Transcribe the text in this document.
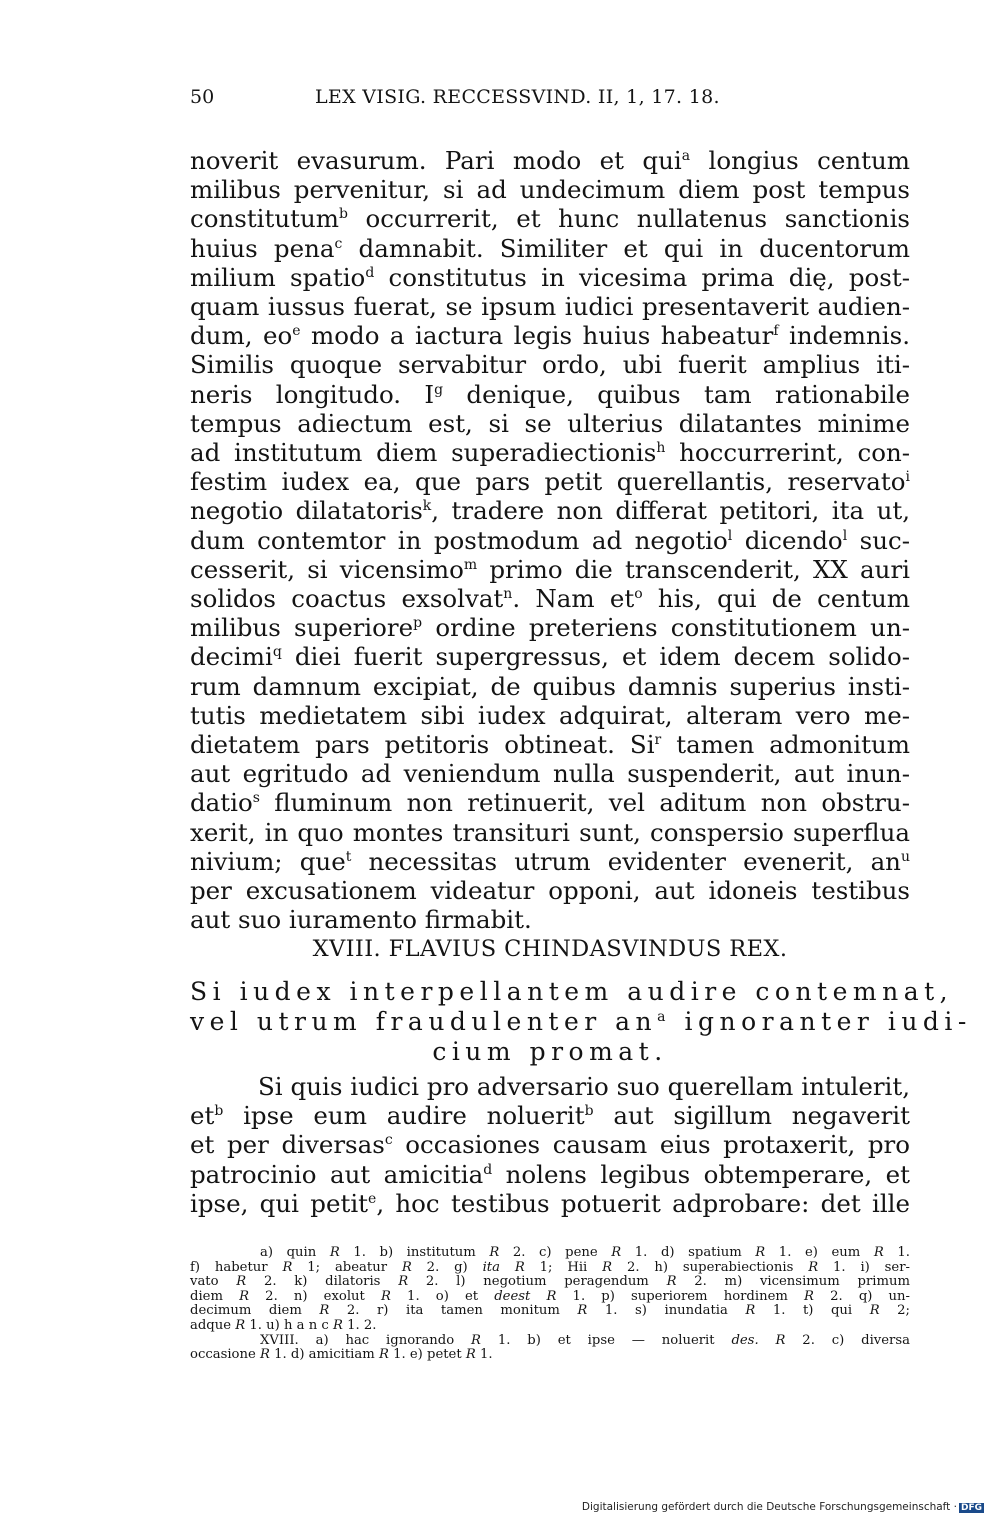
50	LEX VISIG. RECCESSVIND. II, 1, 17. 18.
noverit evasurum. Pari modo et qui$^a$ longius centum
milibus pervenitur, si ad undecimum diem post tempus
constitutum$^b$ occurrerit, et hunc nullatenus sanctionis
huius pena$^c$ damnabit. Similiter et qui in ducentorum
milium spatio$^d$ constitutus in vicesima prima dię, post-
quam iussus fuerat, se ipsum iudici presentaverit audien-
dum, $eo^e$ modo a iactura legis huius habeatur$^f$ indemnis.
Similis quoque servabitur ordo, ubi fuerit amplius iti-
neris longitudo. $I^g$ denique, quibus tam rationabile
tempus adiectum est, si se ulterius dilatantes minime
ad institutum diem superadiectionis$^h$ hoccurrerint, con-
festim iudex ea, que pars petit querellantis, reservato$^i$
negotio dilatatoris$^k$, tradere non differat petitori, ita ut,
dum contemtor in postmodum ad negotio$^l$ dicendo$^l$ suc-
cesserit, si vicensimo$^m$ primo die transcenderit, XX auri
solidos coactus exsolvat$^n$. Nam $et^o$ his, qui de centum
milibus superiore$^p$ ordine preteriens constitutionem un-
decimi$^q$ diei fuerit supergressus, et idem decem solido-
rum damnum excipiat, de quibus damnis superius insti-
tutis medietatem sibi iudex adquirat, alteram vero me-
dietatem pars petitoris obtineat. Si$^r$ tamen admonitum
aut egritudo ad veniendum nulla suspenderit, aut inun-
datio$^s$ fluminum non retinuerit, vel aditum non obstru-
xerit, in quo montes transituri sunt, conspersio superflua
nivium; que$^t$ necessitas utrum evidenter evenerit, $an^u$
per excusationem videatur opponi, aut idoneis testibus
aut suo iuramento firmabit.
XVIII. FLAVIUS CHINDASVINDUS REX.
Si iudex interpellantem audire contemnat,
vel utrum fraudulenter $an^a$ ignoranter iudi-
cium promat.
Si quis iudici pro adversario suo querellam intulerit,
$et^b$ ipse eum audire noluerit$^b$ aut sigillum negaverit
et per diversas$^c$ occasiones causam eius protaxerit, pro
patrocinio aut amicitia$^d$ nolens legibus obtemperare, et
ipse, qui petit$^e$, hoc testibus potuerit adprobare: det ille
a) quin R 1. b) institutum R 2. c) pene R 1. d) spatium R 1. e) eum R 1.
f) habetur R 1; abeatur R 2. g) ita R 1; Hii R 2. h) superabiectionis R 1. i) ser-
vato R 2. k) dilatoris R 2. l) negotium peragendum R 2. m) vicensimum primum
diem R 2. n) exolut R 1. o) et deest R 1. p) superiorem hordinem R 2. q) un-
decimum diem R 2. r) ita tamen monitum R 1. s) inundatia R 1. t) qui R 2;
adque R 1. u) h a n c R 1. 2.
XVIII. a) hac ignorando R 1. b) et ipse — noluerit des. R 2. c) diversa
occasione R 1. d) amicitiam R 1. e) petet R 1.
Digitalisierung gefördert durch die Deutsche Forschungsgemeinschaft · DFG
